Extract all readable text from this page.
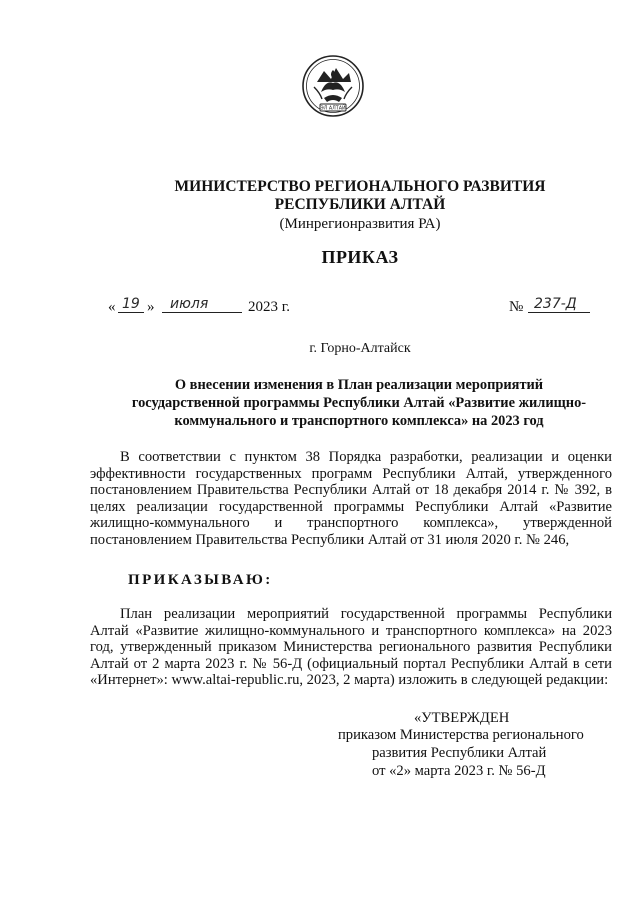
ЭЛ АЛТАЙ
МИНИСТЕРСТВО РЕГИОНАЛЬНОГО РАЗВИТИЯ
РЕСПУБЛИКИ АЛТАЙ
(Минрегионразвития РА)
ПРИКАЗ
« 19 » июля	2023 г.	№ 237-Д
г. Горно-Алтайск
О внесении изменения в План реализации мероприятий государственной программы Республики Алтай «Развитие жилищно-коммунального и транспортного комплекса» на 2023 год
В соответствии с пунктом 38 Порядка разработки, реализации и оценки эффективности государственных программ Республики Алтай, утвержденного постановлением Правительства Республики Алтай от 18 декабря 2014 г. № 392, в целях реализации государственной программы Республики Алтай «Развитие жилищно-коммунального и транспортного комплекса», утвержденной постановлением Правительства Республики Алтай от 31 июля 2020 г. № 246,
ПРИКАЗЫВАЮ:
План реализации мероприятий государственной программы Республики Алтай «Развитие жилищно-коммунального и транспортного комплекса» на 2023 год, утвержденный приказом Министерства регионального развития Республики Алтай от 2 марта 2023 г. № 56-Д (официальный портал Республики Алтай в сети «Интернет»: www.altai-republic.ru, 2023, 2 марта) изложить в следующей редакции:
«УТВЕРЖДЕН
приказом Министерства регионального
развития Республики Алтай
от «2» марта 2023 г. № 56-Д
